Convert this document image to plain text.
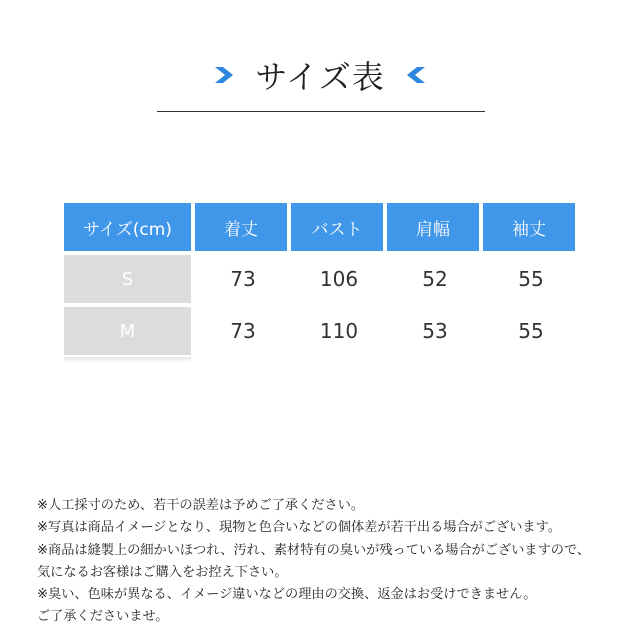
サイズ表
サイズ(cm)	着丈	バスト	肩幅	袖丈
S	73	106	52	55
M	73	110	53	55
※人工採寸のため、若干の誤差は予めご了承ください。
※写真は商品イメージとなり、現物と色合いなどの個体差が若干出る場合がございます。
※商品は縫製上の細かいほつれ、汚れ、素材特有の臭いが残っている場合がございますので、
気になるお客様はご購入をお控え下さい。
※臭い、色味が異なる、イメージ違いなどの理由の交換、返金はお受けできません。
ご了承くださいませ。
